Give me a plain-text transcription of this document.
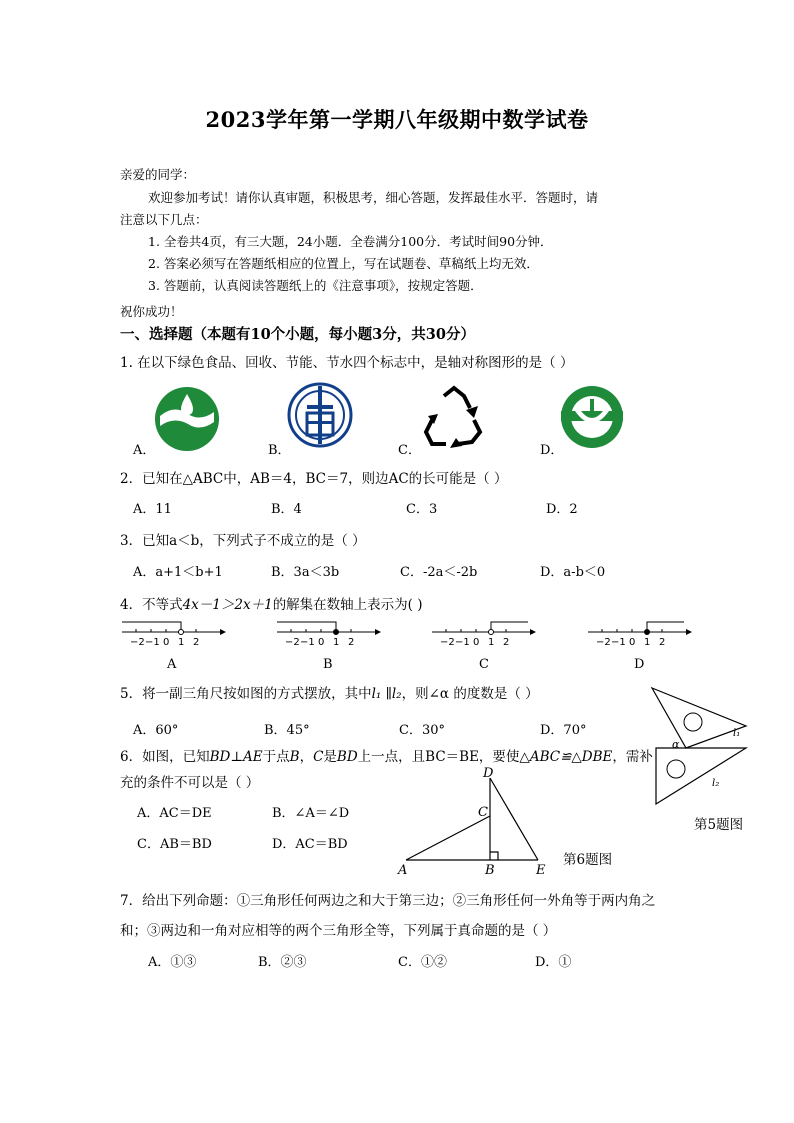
2023学年第一学期八年级期中数学试卷
亲爱的同学：
欢迎参加考试！请你认真审题，积极思考，细心答题，发挥最佳水平．答题时，请
注意以下几点：
1. 全卷共4页，有三大题，24小题．全卷满分100分．考试时间90分钟．
2. 答案必须写在答题纸相应的位置上，写在试题卷、草稿纸上均无效．
3. 答题前，认真阅读答题纸上的《注意事项》，按规定答题．
祝你成功！
一、选择题（本题有10个小题，每小题3分，共30分）
1. 在以下绿色食品、回收、节能、节水四个标志中，是轴对称图形的是（ ）
A．	B．	C．	D．
2．已知在△ABC中，AB＝4，BC＝7，则边AC的长可能是（ ）
A．11	B．4	C．3	D．2
3．已知a＜b，下列式子不成立的是（ ）
A．a+1＜b+1	B．3a＜3b	C．-2a＜-2b	D．a-b＜0
4．不等式4x－1＞2x＋1的解集在数轴上表示为( )
−2 −1 0 1 2	−2 −1 0 1 2	−2 −1 0 1 2	−2 −1 0 1 2
A	B	C	D
5．将一副三角尺按如图的方式摆放，其中l₁ ∥l₂，则∠α 的度数是（ ）
A．60°	B．45°	C．30°	D．70°
α
l₁
l₂
第5题图
6．如图，已知BD⊥AE于点B，C是BD上一点，且BC＝BE，要使△ABC≌△DBE，需补
充的条件不可以是（ ）
A．AC＝DE	B．∠A＝∠D
C．AB＝BD	D．AC＝BD
A	B
C
D
E
第6题图
7．给出下列命题：①三角形任何两边之和大于第三边；②三角形任何一外角等于两内角之
和；③两边和一角对应相等的两个三角形全等，下列属于真命题的是（ ）
A．①③	B．②③	C．①②	D．①
